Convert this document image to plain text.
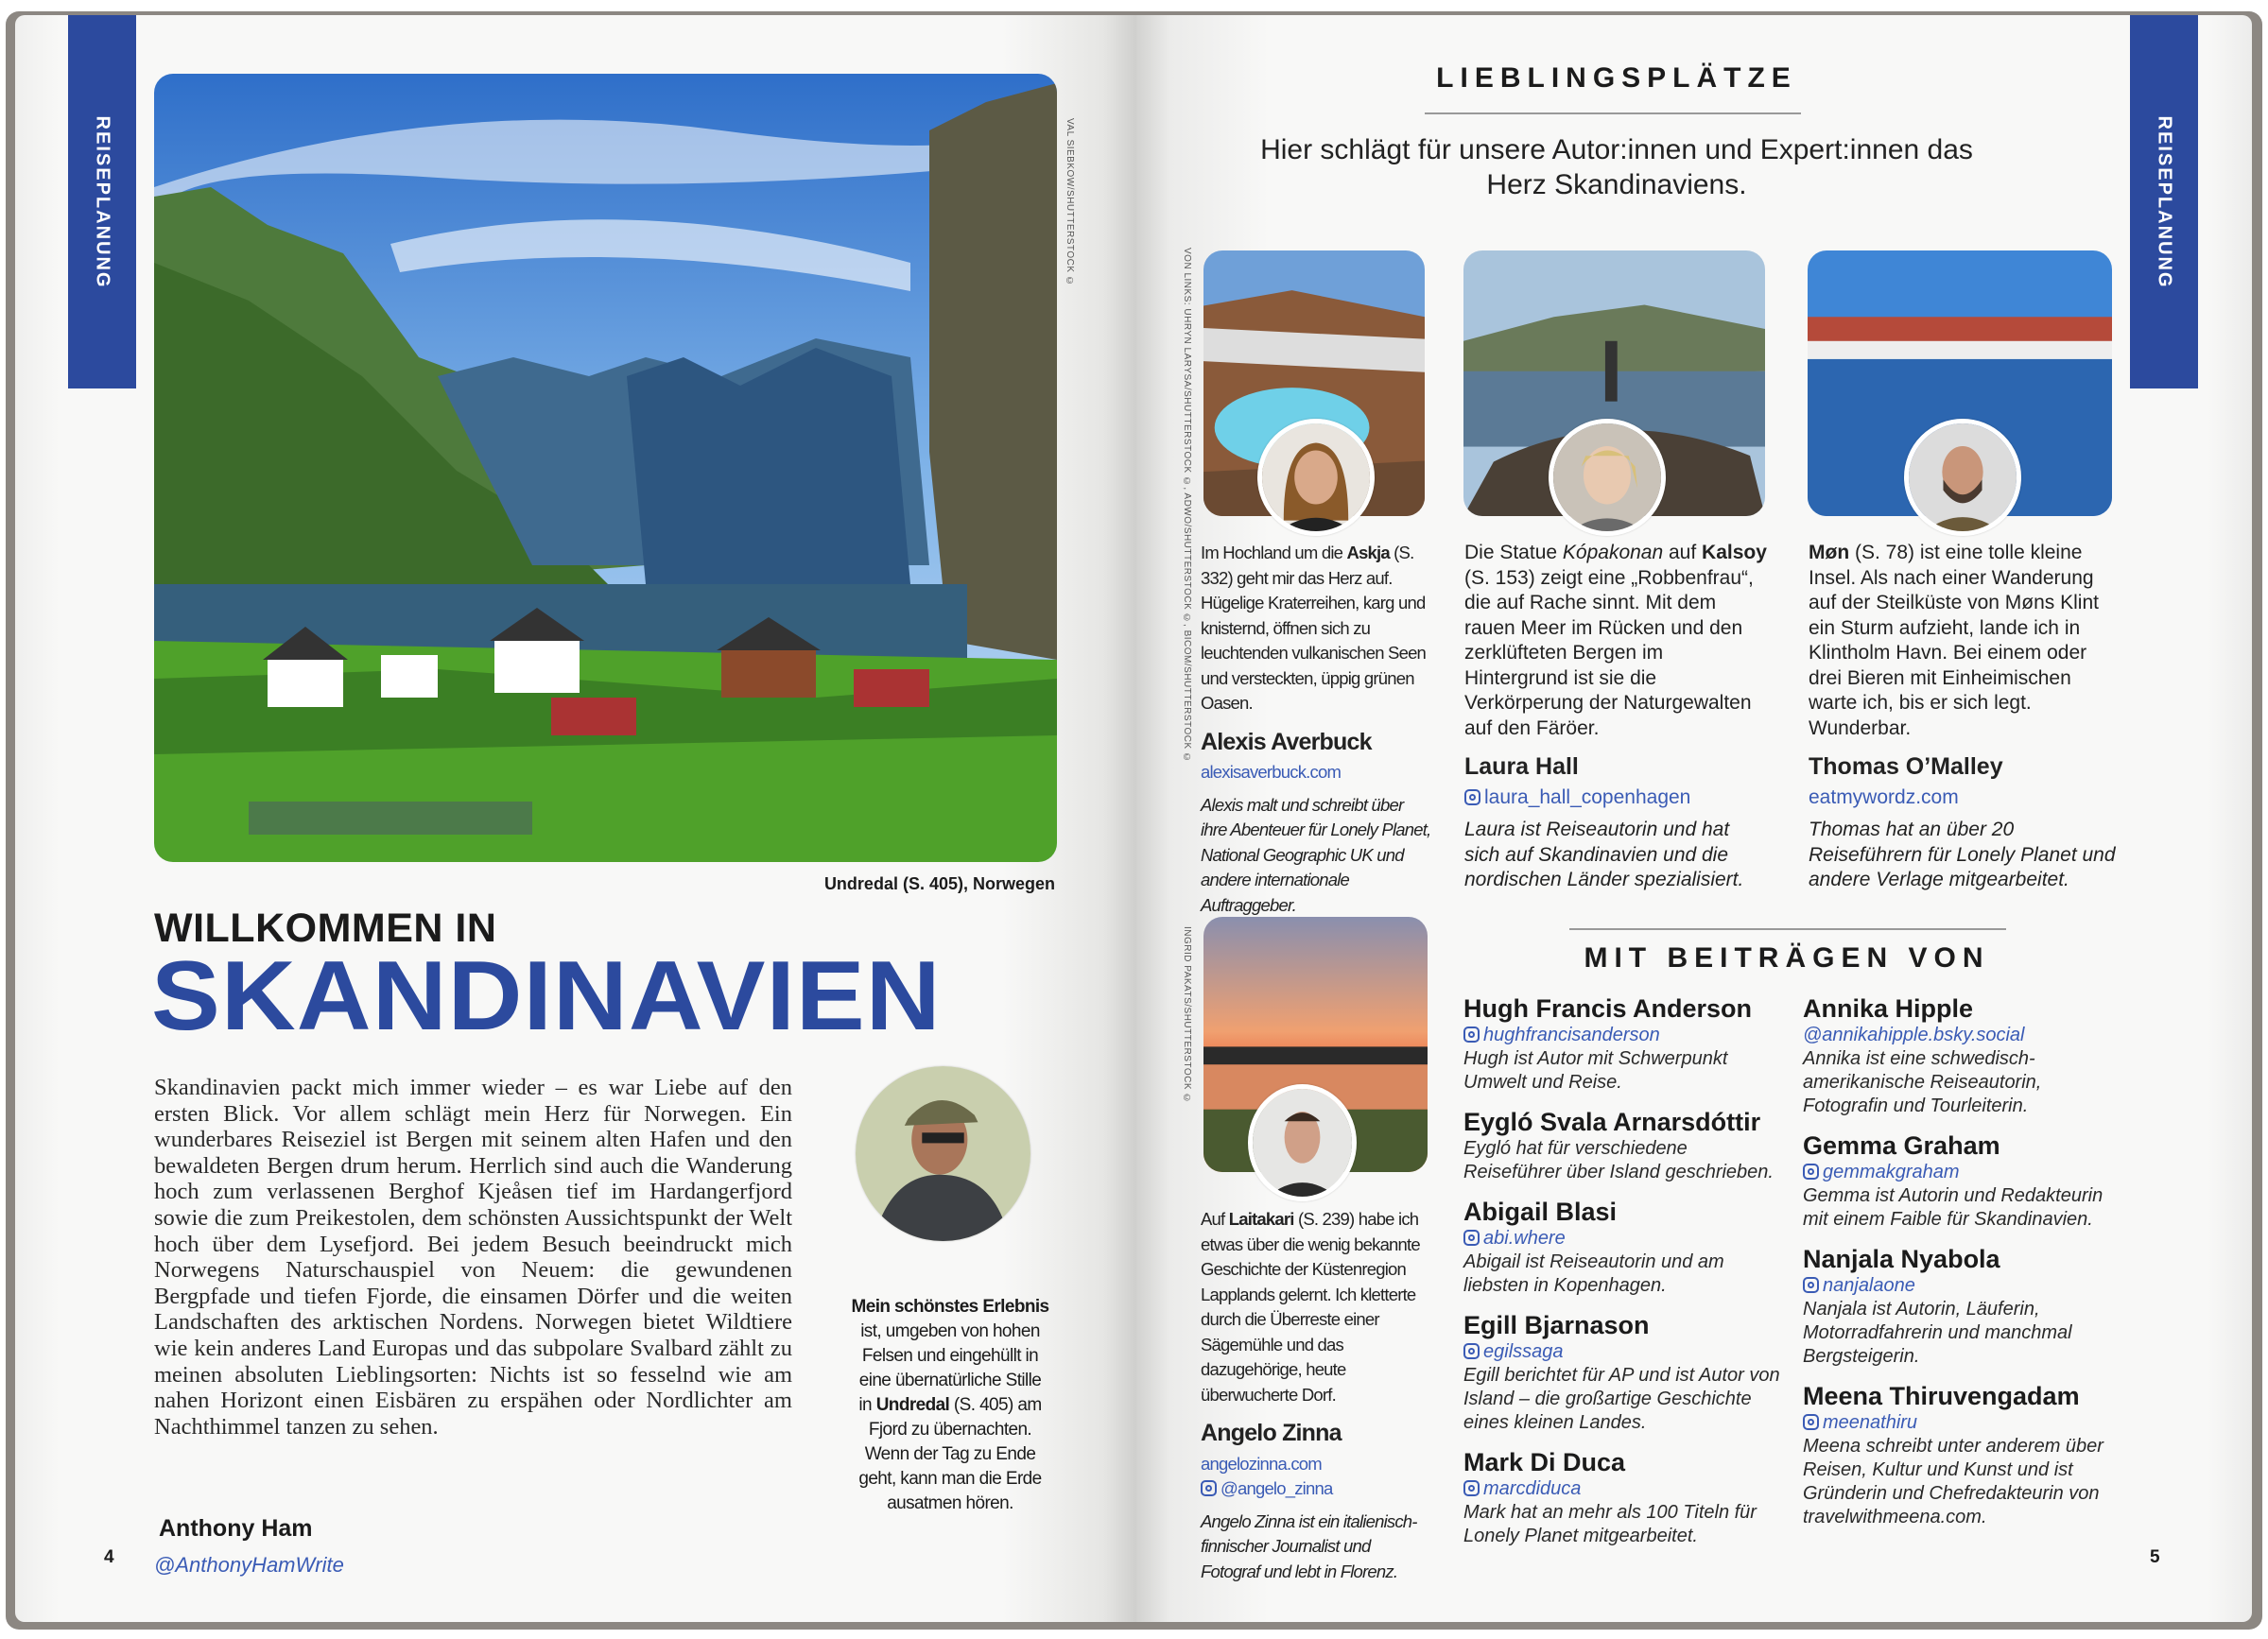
REISEPLANUNG	VAL SIEBKOW/SHUTTERSTOCK ©
Undredal (S. 405), Norwegen
WILLKOMMEN IN
SKANDINAVIEN
Skandinavien packt mich immer wieder – es war Liebe auf den ersten Blick. Vor allem schlägt mein Herz für Norwegen. Ein wunderbares Reiseziel ist Bergen mit seinem alten Hafen und den bewaldeten Bergen drum herum. Herrlich sind auch die Wanderung hoch zum verlassenen Berghof Kjeåsen tief im Hardangerfjord sowie die zum Preikestolen, dem schönsten Aussichtspunkt der Welt hoch über dem Lysefjord. Bei jedem Besuch beeindruckt mich Norwegens Naturschauspiel von Neuem: die gewundenen Bergpfade und tiefen Fjorde, die einsamen Dörfer und die weiten Landschaften des arktischen Nordens. Norwegen bietet Wildtiere wie kein anderes Land Europas und das subpolare Svalbard zählt zu meinen absoluten Lieblingsorten: Nichts ist so fesselnd wie am nahen Horizont einen Eisbären zu erspähen oder Nordlichter am Nachthimmel tanzen zu sehen.
Anthony Ham
@AnthonyHamWrite
Mein schönstes Erlebnis ist, umgeben von hohen Felsen und eingehüllt in eine übernatürliche Stille in Undredal (S. 405) am Fjord zu übernachten. Wenn der Tag zu Ende geht, kann man die Erde ausatmen hören.
4
REISEPLANUNG
LIEBLINGSPLÄTZE
Hier schlägt für unsere Autor:innen und Expert:innen das Herz Skandinaviens.
VON LINKS: UHRYN LARYSA/SHUTTERSTOCK ©, ADWO/SHUTTERSTOCK ©, BICOM/SHUTTERSTOCK © Im Hochland um die Askja (S. 332) geht mir das Herz auf. Hügelige Kraterreihen, karg und knisternd, öffnen sich zu leuchtenden vulkanischen Seen und versteckten, üppig grünen Oasen.
Alexis Averbuck
alexisaverbuck.com
Alexis malt und schreibt über ihre Abenteuer für Lonely Planet, National Geographic UK und andere internationale Auftraggeber.
Die Statue Kópakonan auf Kalsoy (S. 153) zeigt eine „Robbenfrau“, die auf Rache sinnt. Mit dem rauen Meer im Rücken und den zerklüfteten Bergen im Hintergrund ist sie die Verkörperung der Naturgewalten auf den Färöer.
Laura Hall
laura_hall_copenhagen
Laura ist Reiseautorin und hat sich auf Skandinavien und die nordischen Länder spezialisiert.
Møn (S. 78) ist eine tolle kleine Insel. Als nach einer Wanderung auf der Steilküste von Møns Klint ein Sturm aufzieht, lande ich in Klintholm Havn. Bei einem oder drei Bieren mit Einheimischen warte ich, bis er sich legt. Wunderbar.
Thomas O’Malley
eatmywordz.com
Thomas hat an über 20 Reiseführern für Lonely Planet und andere Verlage mitgearbeitet.
INGRID PAKATS/SHUTTERSTOCK ©
Auf Laitakari (S. 239) habe ich etwas über die wenig bekannte Geschichte der Küstenregion Lapplands gelernt. Ich kletterte durch die Überreste einer Sägemühle und das dazugehörige, heute überwucherte Dorf.
Angelo Zinna
angelozinna.com
@angelo_zinna
Angelo Zinna ist ein italienisch-finnischer Journalist und Fotograf und lebt in Florenz.
MIT BEITRÄGEN VON
Hugh Francis Anderson
hughfrancisanderson
Hugh ist Autor mit Schwerpunkt Umwelt und Reise.
Eygló Svala Arnarsdóttir
Eygló hat für verschiedene Reiseführer über Island geschrieben.
Abigail Blasi
abi.where
Abigail ist Reiseautorin und am liebsten in Kopenhagen.
Egill Bjarnason
egilssaga
Egill berichtet für AP und ist Autor von Island – die großartige Geschichte eines kleinen Landes.
Mark Di Duca
marcdiduca
Mark hat an mehr als 100 Titeln für Lonely Planet mitgearbeitet.
Annika Hipple
@annikahipple.bsky.social
Annika ist eine schwedisch-amerikanische Reiseautorin, Fotografin und Tourleiterin.
Gemma Graham
gemmakgraham
Gemma ist Autorin und Redakteurin mit einem Faible für Skandinavien.
Nanjala Nyabola
nanjalaone
Nanjala ist Autorin, Läuferin, Motorradfahrerin und manchmal Bergsteigerin.
Meena Thiruvengadam
meenathiru
Meena schreibt unter anderem über Reisen, Kultur und Kunst und ist Gründerin und Chefredakteurin von travelwithmeena.com.
5
